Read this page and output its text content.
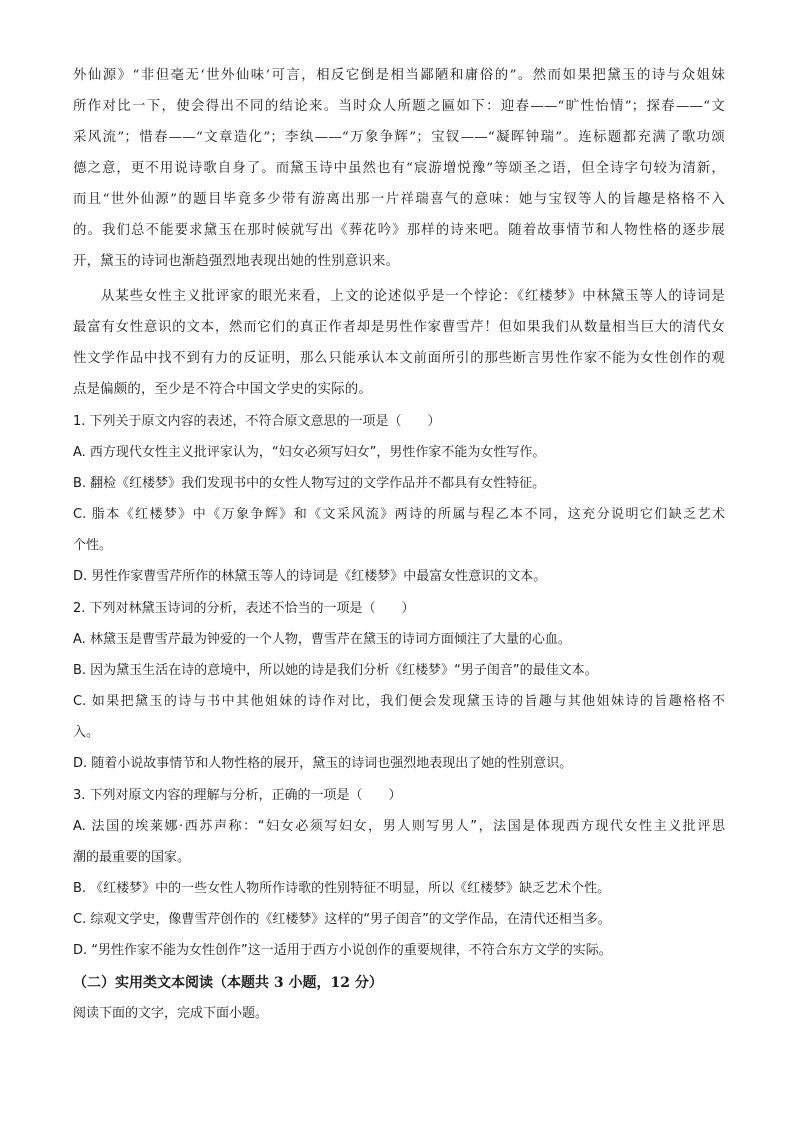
外仙源》“非但毫无‘世外仙味’可言，相反它倒是相当鄙陋和庸俗的”。然而如果把黛玉的诗与众姐妹
所作对比一下，使会得出不同的结论来。当时众人所题之匾如下：迎春——“旷性怡情”；探春——“文
采风流”；惜春——“文章造化”；李纨——“万象争辉”；宝钗——“凝晖钟瑞”。连标题都充满了歌功颂
德之意，更不用说诗歌自身了。而黛玉诗中虽然也有“宸游增悦豫”等颂圣之语，但全诗字句较为清新，
而且“世外仙源”的题目毕竟多少带有游离出那一片祥瑞喜气的意味：她与宝钗等人的旨趣是格格不入
的。我们总不能要求黛玉在那时候就写出《葬花吟》那样的诗来吧。随着故事情节和人物性格的逐步展
开，黛玉的诗词也渐趋强烈地表现出她的性别意识来。
从某些女性主义批评家的眼光来看，上文的论述似乎是一个悖论：《红楼梦》中林黛玉等人的诗词是
最富有女性意识的文本，然而它们的真正作者却是男性作家曹雪芹！但如果我们从数量相当巨大的清代女
性文学作品中找不到有力的反证明，那么只能承认本文前面所引的那些断言男性作家不能为女性创作的观
点是偏颇的，至少是不符合中国文学史的实际的。
1. 下列关于原文内容的表述，不符合原文意思的一项是（　　）
A. 西方现代女性主义批评家认为，“妇女必须写妇女”，男性作家不能为女性写作。
B. 翻检《红楼梦》我们发现书中的女性人物写过的文学作品并不都具有女性特征。
C. 脂本《红楼梦》中《万象争辉》和《文采风流》两诗的所属与程乙本不同，这充分说明它们缺乏艺术
个性。
D. 男性作家曹雪芹所作的林黛玉等人的诗词是《红楼梦》中最富女性意识的文本。
2. 下列对林黛玉诗词的分析，表述不恰当的一项是（　　）
A. 林黛玉是曹雪芹最为钟爱的一个人物，曹雪芹在黛玉的诗词方面倾注了大量的心血。
B. 因为黛玉生活在诗的意境中，所以她的诗是我们分析《红楼梦》“男子闺音”的最佳文本。
C. 如果把黛玉的诗与书中其他姐妹的诗作对比，我们便会发现黛玉诗的旨趣与其他姐妹诗的旨趣格格不
入。
D. 随着小说故事情节和人物性格的展开，黛玉的诗词也强烈地表现出了她的性别意识。
3. 下列对原文内容的理解与分析，正确的一项是（　　）
A. 法国的埃莱娜·西苏声称：“妇女必须写妇女，男人则写男人”，法国是体现西方现代女性主义批评思
潮的最重要的国家。
B. 《红楼梦》中的一些女性人物所作诗歌的性别特征不明显，所以《红楼梦》缺乏艺术个性。
C. 综观文学史，像曹雪芹创作的《红楼梦》这样的“男子闺音”的文学作品，在清代还相当多。
D. “男性作家不能为女性创作”这一适用于西方小说创作的重要规律，不符合东方文学的实际。
（二）实用类文本阅读（本题共 3 小题，12 分）
阅读下面的文字，完成下面小题。
